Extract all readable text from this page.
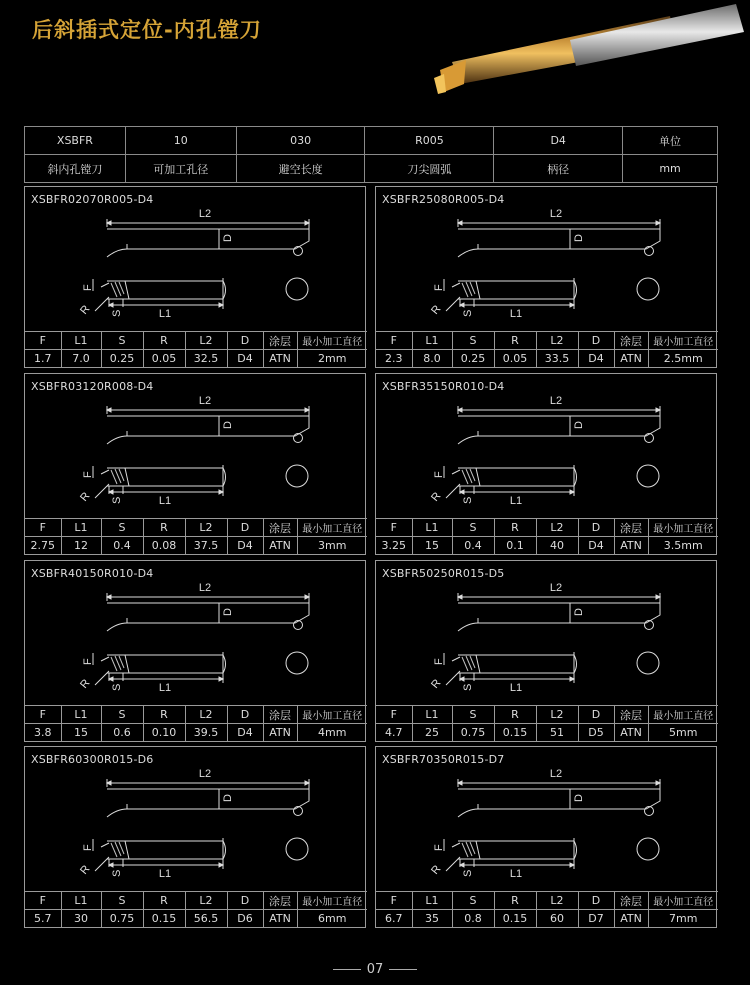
后斜插式定位-内孔镗刀
XSBFR	10	030	R005	D4	单位
斜内孔镗刀	可加工孔径	避空长度	刀尖圆弧	柄径	mm
XSBFR02070R005-D4
L2
D
F
R S	L1
F	L1	S	R	L2	D	涂层	最小加工直径
1.7	7.0	0.25	0.05	32.5	D4	ATN	2mm
XSBFR25080R005-D4
L2
D
F
R S	L1
F	L1	S	R	L2	D	涂层	最小加工直径
2.3	8.0	0.25	0.05	33.5	D4	ATN	2.5mm
XSBFR03120R008-D4
L2
D
F
R S	L1
F	L1	S	R	L2	D	涂层	最小加工直径
2.75	12	0.4	0.08	37.5	D4	ATN	3mm
XSBFR35150R010-D4
L2
D
F
R S	L1
F	L1	S	R	L2	D	涂层	最小加工直径
3.25	15	0.4	0.1	40	D4	ATN	3.5mm
XSBFR40150R010-D4
L2
D
F
R S	L1
F	L1	S	R	L2	D	涂层	最小加工直径
3.8	15	0.6	0.10	39.5	D4	ATN	4mm
XSBFR50250R015-D5
L2
D
F
R S	L1
F	L1	S	R	L2	D	涂层	最小加工直径
4.7	25	0.75	0.15	51	D5	ATN	5mm
XSBFR60300R015-D6
L2
D
F
R S	L1
F	L1	S	R	L2	D	涂层	最小加工直径
5.7	30	0.75	0.15	56.5	D6	ATN	6mm
XSBFR70350R015-D7
L2
D
F
R S	L1
F	L1	S	R	L2	D	涂层	最小加工直径
6.7	35	0.8	0.15	60	D7	ATN	7mm
07
